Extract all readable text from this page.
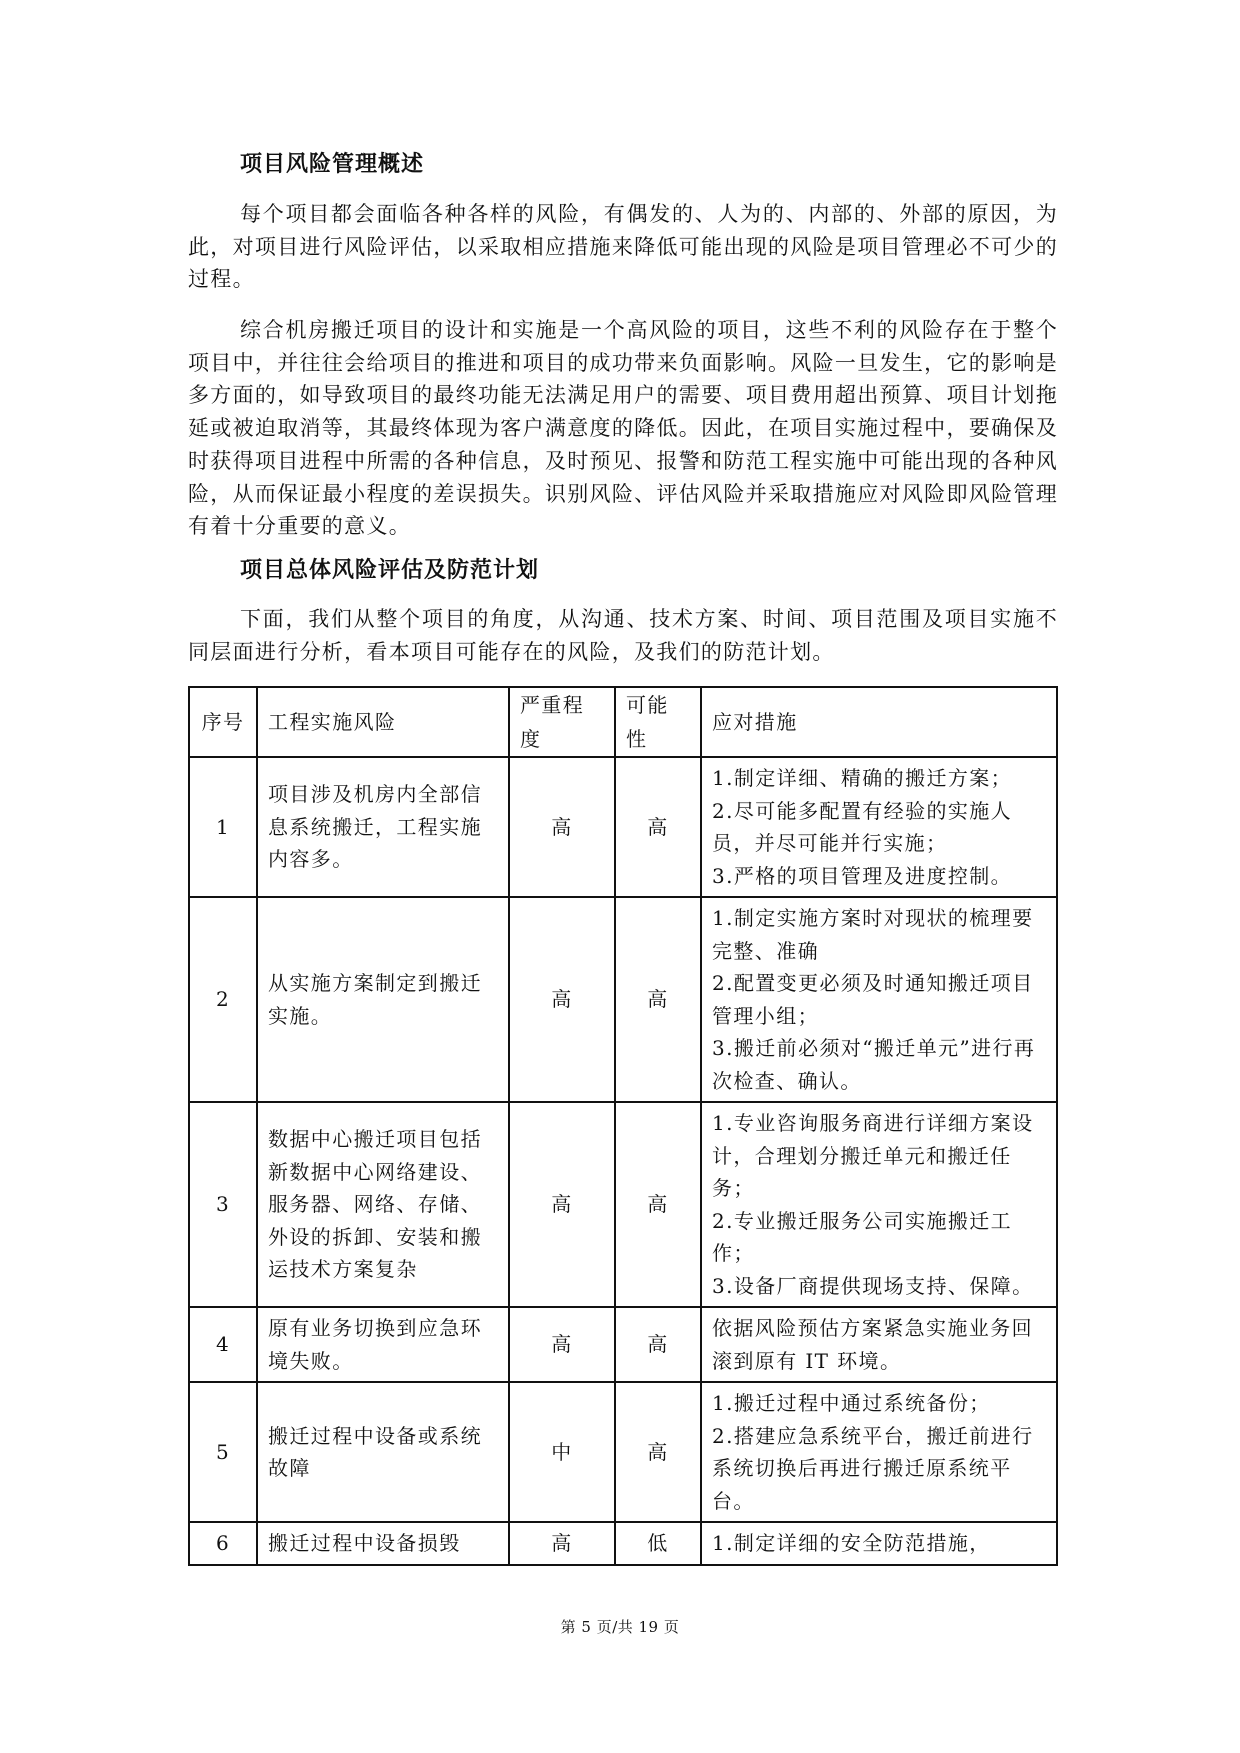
项目风险管理概述

每个项目都会面临各种各样的风险，有偶发的、人为的、内部的、外部的原因，为此，对项目进行风险评估，以采取相应措施来降低可能出现的风险是项目管理必不可少的过程。

综合机房搬迁项目的设计和实施是一个高风险的项目，这些不利的风险存在于整个项目中，并往往会给项目的推进和项目的成功带来负面影响。风险一旦发生，它的影响是多方面的，如导致项目的最终功能无法满足用户的需要、项目费用超出预算、项目计划拖延或被迫取消等，其最终体现为客户满意度的降低。因此，在项目实施过程中，要确保及时获得项目进程中所需的各种信息，及时预见、报警和防范工程实施中可能出现的各种风险，从而保证最小程度的差误损失。识别风险、评估风险并采取措施应对风险即风险管理有着十分重要的意义。

项目总体风险评估及防范计划

下面，我们从整个项目的角度，从沟通、技术方案、时间、项目范围及项目实施不同层面进行分析，看本项目可能存在的风险，及我们的防范计划。

序号	工程实施风险	严重程度	可能性	应对措施
1	项目涉及机房内全部信息系统搬迁，工程实施内容多。	高	高	1.制定详细、精确的搬迁方案；
2.尽可能多配置有经验的实施人员，并尽可能并行实施；
3.严格的项目管理及进度控制。

2	从实施方案制定到搬迁实施。	高	高	1.制定实施方案时对现状的梳理要完整、准确
2.配置变更必须及时通知搬迁项目管理小组；
3.搬迁前必须对“搬迁单元”进行再次检查、确认。

3	数据中心搬迁项目包括新数据中心网络建设、服务器、网络、存储、外设的拆卸、安装和搬运技术方案复杂	高	高	1.专业咨询服务商进行详细方案设计，合理划分搬迁单元和搬迁任务；
2.专业搬迁服务公司实施搬迁工作；
3.设备厂商提供现场支持、保障。

4	原有业务切换到应急环境失败。	高	高	依据风险预估方案紧急实施业务回滚到原有 IT 环境。

5	搬迁过程中设备或系统故障	中	高	1.搬迁过程中通过系统备份；
2.搭建应急系统平台，搬迁前进行系统切换后再进行搬迁原系统平台。

6	搬迁过程中设备损毁	高	低	1.制定详细的安全防范措施，
第 5 页/共 19 页
